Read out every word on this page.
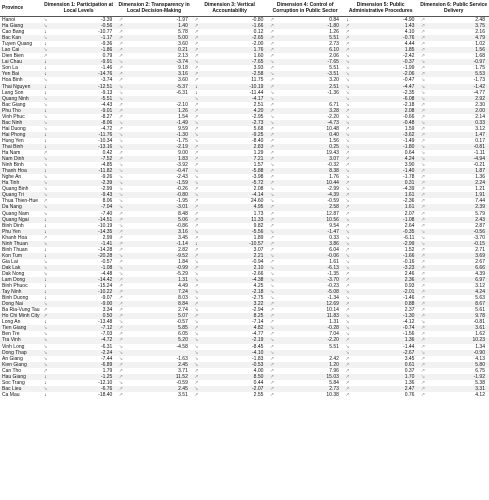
Province	Dimension 1: Participation at Local Levels		Dimension 2: Transparency in Local Decision-Making		Dimension 3: Vertical Accountability		Dimension 4: Control of Corruption in Public Sector		Dimension 5: Public Administrative Procedures		Dimension 6: Public Service Delivery	
Hanoi	↘	-3.39	↗	-1.97	↗	-0.80	↗	0.84	↓	-4.90	↗	2.48
Ha Giang	↘	-0.56	↗	1.40	↗	-1.66	↗	-1.80	↗	1.43	↗	3.75
Cao Bang	↓	-10.77	↗	5.78	↗	0.12	↗	1.26	↗	4.10	↗	2.16
Bac Kan	↘	-1.17	↗	5.00	↗	-2.65	↗	5.51	↗	-0.76	↗	4.79
Tuyen Quang	↓	-9.36	↗	3.60	↗	-2.00	↗	2.73	↗	4.44	↗	1.02
Lao Cai	↘	-1.86	↗	0.21	↗	1.76	↗	6.10	↗	1.85	↗	1.56
Dien Bien	↗	0.79	↗	2.13	↗	1.60	↗	2.06	↘	-2.42	↗	1.68
Lai Chau	↓	-9.91	↘	-3.74	↘	-7.65	↘	-7.65	↘	-0.37	↘	-0.97
Son La	↓	-1.46	↗	9.18	↗	3.93	↗	5.51	↘	-1.99	↗	1.75
Yen Bai	↓	-14.76	↗	3.16	↗	-2.58	↘	-3.51	↘	-2.06	↗	5.53
Hoa Binh	↘	-3.74	↗	3.60	↗	11.75	↗	3.20	↘	-0.47	↘	-1.73
Thai Nguyen	↓	-12.51	↘	-5.37	↓	-10.19	↗	2.51	↘	-4.47	↘	-1.42
Lang Son	↓	-9.13	↘	-6.31	↓	-11.44	↘	-1.36	↘	-2.35	↘	-4.77
Quang Ninh	↘	-5.51	↘		↘	-4.17	↘		↘	-6.08	↘	2.92
Bac Giang	↘	-4.43	↗	-2.10	↗	2.51	↗	6.71	↘	-2.18	↗	2.30
Phu Tho	↓	-9.01	↗	1.26	↗	4.20	↗	3.28	↗	2.08	↗	2.00
Vinh Phuc	↘	-8.27	↗	1.54	↗	-2.95	↘	-2.20	↘	-0.66	↗	2.14
Bac Ninh	↘	-8.06	↘	-1.49	↘	-2.73	↘	-4.73	↘	-0.48	↘	0.33
Hai Duong	↘	-4.72	↗	9.59	↗	5.68	↗	10.48	↗	1.59	↗	3.12
Hai Phong	↓	-11.76	↘	-1.30	↘	-9.25	↗	0.40	↘	-3.62	↗	1.47
Hung Yen	↓	-10.34	↘	-1.75	↘	-8.40	↗	1.56	↘	-1.49	↗	0.17
Thai Binh	↓	-13.16	↘	-2.19	↗	2.83	↗	0.25	↘	-1.80	↘	-0.81
Ha Nam	↗	0.42	↗	9.00	↗	1.29	↗	19.43	↗	0.64	↘	-1.11
Nam Dinh	↘	-7.52	↗	1.83	↗	7.21	↗	3.07	↗	4.24	↘	-4.94
Ninh Binh	↘	-4.85	↘	-3.92	↗	1.57	↘	-0.32	↗	3.90	↘	-0.21
Thanh Hoa	↓	-11.82	↘	-0.47	↘	-5.88	↗	8.38	↘	-1.40	↗	1.87
Nghe An	↘	-9.26	↘	-2.43	↘	-3.98	↗	1.76	↘	-1.78	↗	1.36
Ha Tinh	↘	-2.39	↘	-1.59	↘	-5.72	↗	10.44	↗	0.31	↗	2.24
Quang Binh	↘	-2.99	↘	-0.26	↗	2.08	↘	-2.99	↘	-4.39	↗	1.21
Quang Tri	↘	-9.43	↘	-0.80	↘	-4.14	↘	-4.39	↗	1.61	↗	1.91
Thua Thien-Hue	↗	8.06	↘	-1.95	↗	24.60	↘	-0.59	↘	-2.36	↗	7.44
Da Nang	↘	-7.04	↘	-3.01	↗	4.95	↗	2.58	↗	1.61	↗	2.39
Quang Nam	↘	-7.40	↗	8.48	↗	1.73	↗	12.87	↗	2.07	↗	5.79
Quang Ngai	↓	-14.51	↗	5.06	↗	11.33	↗	10.56	↘	-1.08	↗	2.43
Binh Dinh	↓	-10.19	↘	-0.86	↗	9.82	↗	9.54	↗	2.64	↗	2.87
Phu Yen	↓	-14.35	↗	3.16	↘	-5.56	↘	-1.47	↘	-0.35	↘	-0.56
Khanh Hoa	↗	2.99	↗	3.45	↗	1.89	↗	0.33	↘	-6.11	↘	-3.70
Ninh Thuan	↘	-1.41	↗	-1.14	↓	-10.57	↗	3.86	↘	-2.99	↘	-0.15
Binh Thuan	↓	-14.28	↗	2.82	↗	3.07	↗	6.04	↗	1.52	↗	2.71
Kon Tum	↓	-20.28	↘	-9.52	↗	2.21	↘	-0.06	↘	-1.66	↗	3.69
Gia Lai	↘	-0.57	↗	1.84	↘	-0.94	↗	1.61	↘	-0.16	↗	2.67
Dak Lak	↘	-1.08	↘	-0.99	↗	2.10	↘	-6.13	↘	-3.23	↗	6.66
Dak Nong	↘	-4.48	↘	-5.29	↘	-2.66	↘	-1.35	↗	2.46	↗	4.39
Lam Dong	↓	-14.42	↗	1.31	↘	-4.38	↘	-3.70	↗	2.36	↗	6.97
Binh Phuoc	↓	-15.24	↗	4.49	↗	4.25	↘	-0.23	↗	0.93	↗	3.12
Tay Ninh	↓	-10.22	↗	7.24	↘	-2.18	↘	-5.08	↘	-2.01	↗	4.24
Binh Duong	↓	-9.07	↗	8.03	↘	-2.75	↘	-1.34	↘	-1.46	↗	5.63
Dong Nai	↘	-9.00	↗	8.84	↗	3.22	↗	12.69	↗	0.88	↗	8.67
Ba Ria-Vung Tau	↗	3.34	↗	2.74	↘	-2.94	↗	10.14	↗	2.37	↗	5.61
Ho Chi Minh City	↗	0.50	↗	5.07	↗	8.25	↗	11.83	↘	-1.30	↗	9.78
Long An	↓	-13.48	↘	-0.57	↘	-7.14	↗	1.31	↘	-4.12	↘	-0.81
Tien Giang	↘	-7.12	↗	5.85	↗	4.82	↘	-0.28	↘	-0.74	↗	3.61
Ben Tre	↘	-7.03	↗	6.05	↘	-4.77	↗	7.04	↘	-1.56	↗	1.62
Tra Vinh	↘	-4.72	↗	5.20	↘	-2.19	↘	-2.20	↗	1.36	↗	10.23
Vinh Long	↘	-6.31	↘	-4.58	↘	-8.45	↗	5.51	↘	-1.44	↗	1.34
Dong Thap	↘	-2.24	↘		↘	-4.10	↘		↘	-2.67	↘	-0.90
An Giang	↘	-7.44	↘	-1.63	↘	-1.83	↗	2.42	↗	3.45	↗	4.13
Kien Giang	↘	-6.89	↗	2.45	↘	-0.53	↗	1.20	↗	0.61	↗	5.80
Can Tho	↗	1.79	↗	3.71	↗	4.00	↗	7.96	↗	0.37	↗	6.75
Hau Giang	↓	-1.25	↗	11.52	↗	8.50	↗	15.03	↗	1.70	↘	-1.92
Soc Trang	↓	-12.10	↘	-0.59	↗	0.44	↗	5.84	↗	1.36	↗	5.38
Bac Lieu	↘	-6.76	↗	2.45	↘	-2.07	↗	2.73	↗	2.47	↗	3.31
Ca Mau	↓	-18.40	↗	3.51	↗	2.55	↗	10.38	↗	0.76	↗	4.12
